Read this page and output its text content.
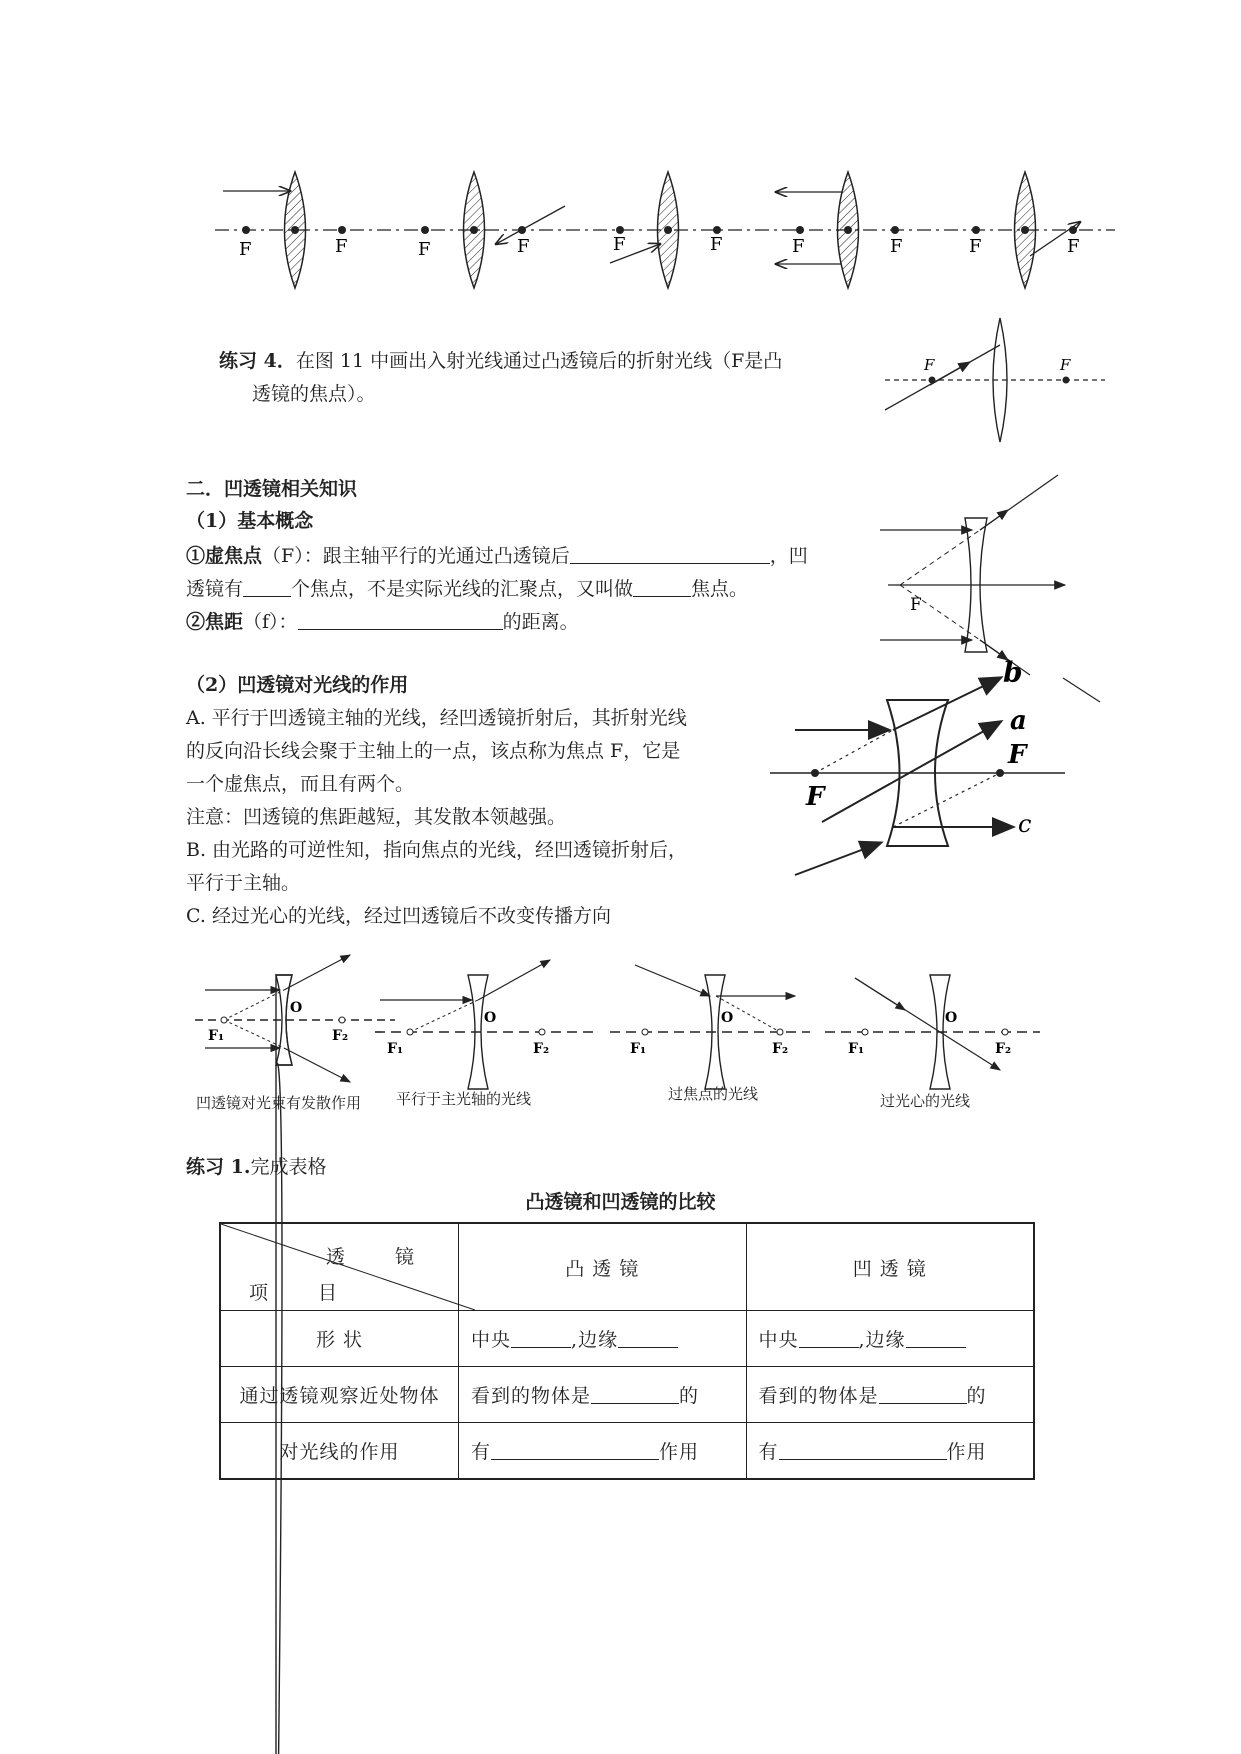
F	F	F	F	F	F	F	F	F	F
练习 4．在图 11 中画出入射光线通过凸透镜后的折射光线（F是凸
透镜的焦点）。
F	F
二．凹透镜相关知识
（1）基本概念
①虚焦点（F）：跟主轴平行的光通过凸透镜后	，凹
透镜有	个焦点，不是实际光线的汇聚点，又叫做	焦点。
②焦距（f）：	的距离。
F
（2）凹透镜对光线的作用
A. 平行于凹透镜主轴的光线，经凹透镜折射后，其折射光线
的反向沿长线会聚于主轴上的一点，该点称为焦点 F，它是
一个虚焦点，而且有两个。
注意：凹透镜的焦距越短，其发散本领越强。
B. 由光路的可逆性知，指向焦点的光线，经凹透镜折射后，
平行于主轴。
C. 经过光心的光线，经过凹透镜后不改变传播方向
b
a
F
F
c
F₁	F₂
O
F₁	F₂
O
F₁	F₂
O
F₁	F₂
O
凹透镜对光束有发散作用 平行于主光轴的光线	过焦点的光线	过光心的光线
练习 1.完成表格
凸透镜和凹透镜的比较
透 镜
项 目	凸 透 镜	凹 透 镜
形 状	中央 ,边缘	中央 ,边缘
通过透镜观察近处物体	看到的物体是 的	看到的物体是 的
对光线的作用	有 作用	有 作用
